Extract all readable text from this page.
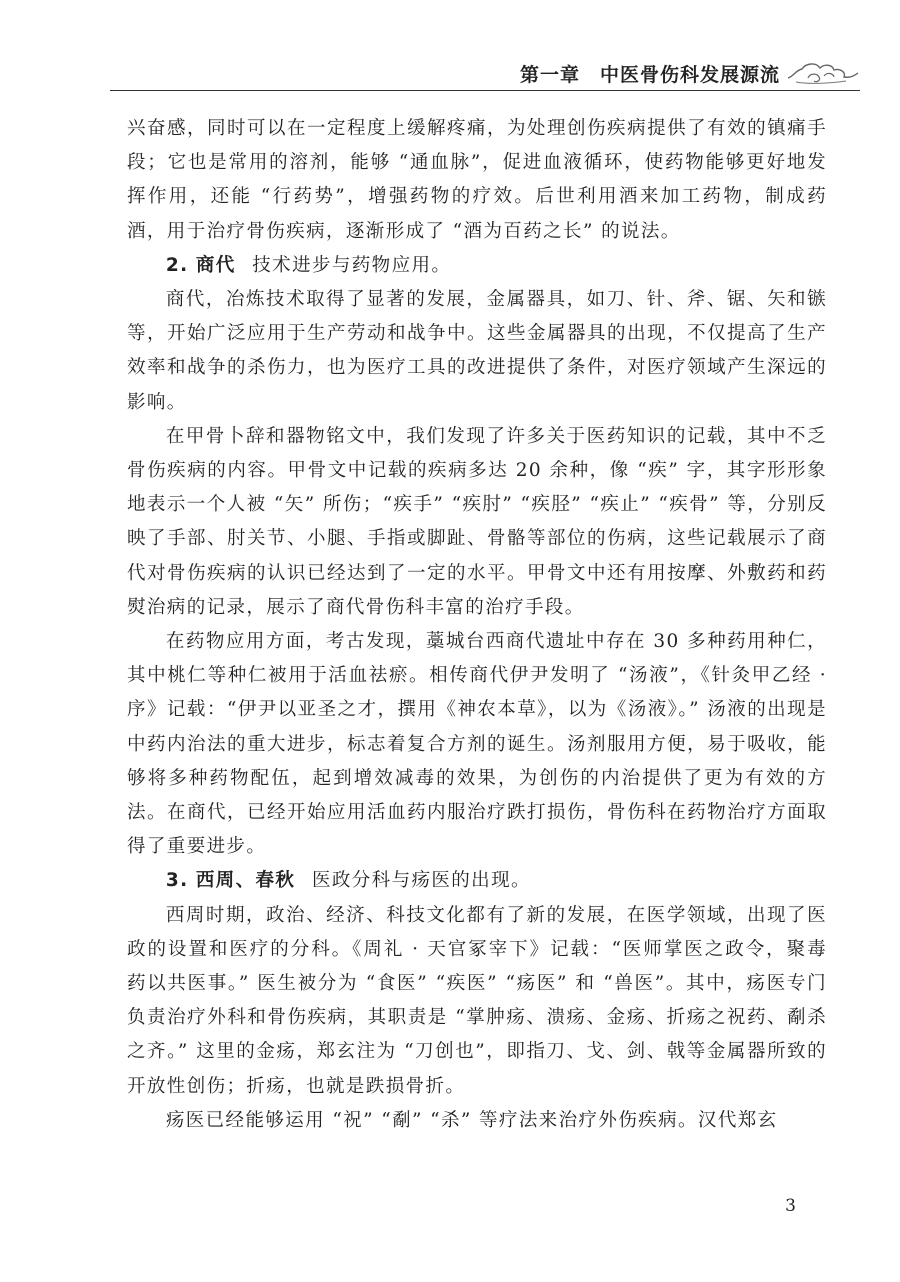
第一章　中医骨伤科发展源流

兴奋感，同时可以在一定程度上缓解疼痛，为处理创伤疾病提供了有效的镇痛手段；它也是常用的溶剂，能够 “通血脉”，促进血液循环，使药物能够更好地发挥作用，还能 “行药势”，增强药物的疗效。后世利用酒来加工药物，制成药酒，用于治疗骨伤疾病，逐渐形成了 “酒为百药之长” 的说法。

2. 商代 技术进步与药物应用。

商代，冶炼技术取得了显著的发展，金属器具，如刀、针、斧、锯、矢和镞等，开始广泛应用于生产劳动和战争中。这些金属器具的出现，不仅提高了生产效率和战争的杀伤力，也为医疗工具的改进提供了条件，对医疗领域产生深远的影响。

在甲骨卜辞和器物铭文中，我们发现了许多关于医药知识的记载，其中不乏骨伤疾病的内容。甲骨文中记载的疾病多达 20 余种，像 “疾” 字，其字形形象地表示一个人被 “矢” 所伤；“疾手” “疾肘” “疾胫” “疾止” “疾骨” 等，分别反映了手部、肘关节、小腿、手指或脚趾、骨骼等部位的伤病，这些记载展示了商代对骨伤疾病的认识已经达到了一定的水平。甲骨文中还有用按摩、外敷药和药熨治病的记录，展示了商代骨伤科丰富的治疗手段。

在药物应用方面，考古发现，藁城台西商代遗址中存在 30 多种药用种仁，其中桃仁等种仁被用于活血祛瘀。相传商代伊尹发明了 “汤液”，《针灸甲乙经 · 序》记载：“伊尹以亚圣之才，撰用《神农本草》，以为《汤液》。” 汤液的出现是中药内治法的重大进步，标志着复合方剂的诞生。汤剂服用方便，易于吸收，能够将多种药物配伍，起到增效减毒的效果，为创伤的内治提供了更为有效的方法。在商代，已经开始应用活血药内服治疗跌打损伤，骨伤科在药物治疗方面取得了重要进步。

3. 西周、春秋 医政分科与疡医的出现。

西周时期，政治、经济、科技文化都有了新的发展，在医学领域，出现了医政的设置和医疗的分科。《周礼 · 天官冢宰下》记载：“医师掌医之政令，聚毒药以共医事。” 医生被分为 “食医” “疾医” “疡医” 和 “兽医”。其中，疡医专门负责治疗外科和骨伤疾病，其职责是 “掌肿疡、溃疡、金疡、折疡之祝药、劀杀之齐。” 这里的金疡，郑玄注为 “刀创也”，即指刀、戈、剑、戟等金属器所致的开放性创伤；折疡，也就是跌损骨折。

疡医已经能够运用 “祝” “劀” “杀” 等疗法来治疗外伤疾病。汉代郑玄

3
